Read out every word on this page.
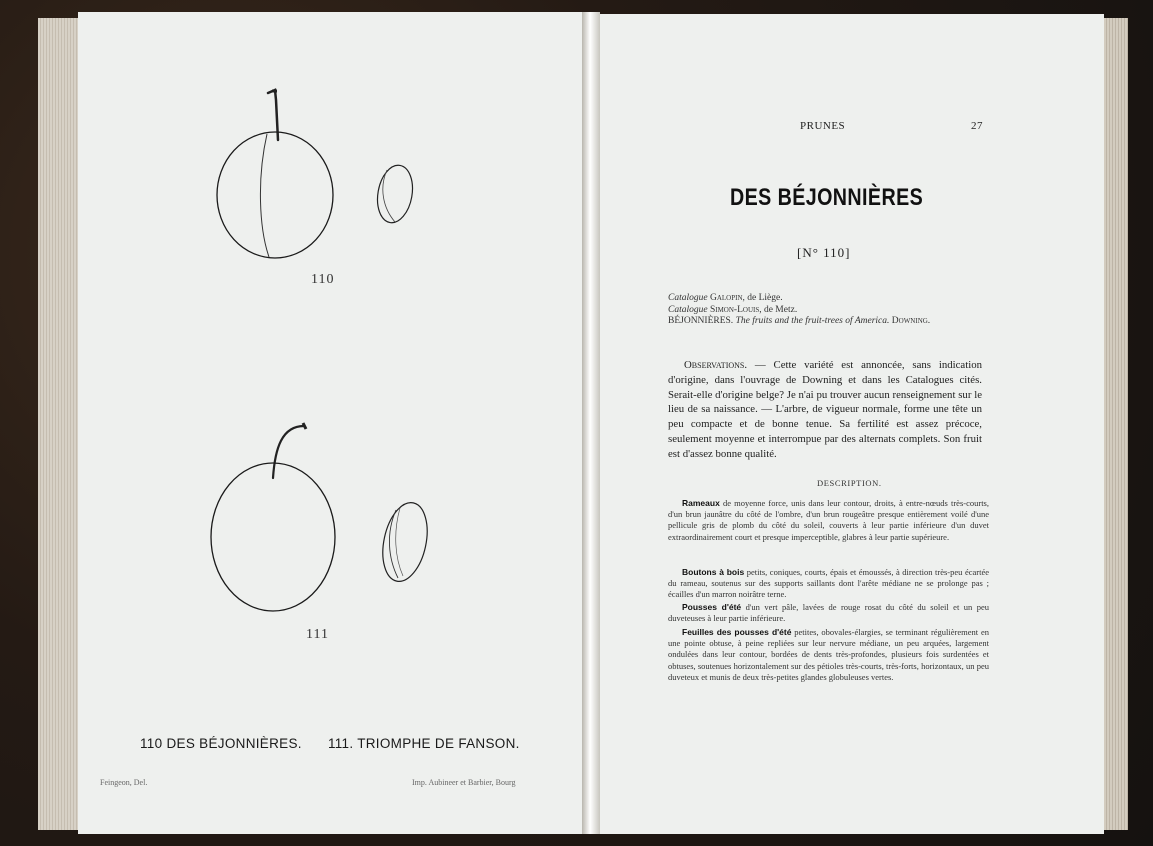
110
111
110 DES BÉJONNIÈRES. 111. TRIOMPHE DE FANSON.
Feingeon, Del.	Imp. Aubineer et Barbier, Bourg
PRUNES	27
DES BÉJONNIÈRES
[N° 110]
Catalogue Galopin, de Liège.
Catalogue Simon-Louis, de Metz.
BÉJONNIÈRES. The fruits and the fruit-trees of America. Downing.
Observations. — Cette variété est annoncée, sans indication d'origine, dans l'ouvrage de Downing et dans les Catalogues cités. Serait-elle d'origine belge? Je n'ai pu trouver aucun renseignement sur le lieu de sa naissance. — L'arbre, de vigueur normale, forme une tête un peu compacte et de bonne tenue. Sa fertilité est assez précoce, seulement moyenne et interrompue par des alternats complets. Son fruit est d'assez bonne qualité.
DESCRIPTION.
Rameaux de moyenne force, unis dans leur contour, droits, à entre-nœuds très-courts, d'un brun jaunâtre du côté de l'ombre, d'un brun rougeâtre presque entièrement voilé d'une pellicule gris de plomb du côté du soleil, couverts à leur partie inférieure d'un duvet extraordinairement court et presque imperceptible, glabres à leur partie supérieure.
Boutons à bois petits, coniques, courts, épais et émoussés, à direction très-peu écartée du rameau, soutenus sur des supports saillants dont l'arête médiane ne se prolonge pas ; écailles d'un marron noirâtre terne.
Pousses d'été d'un vert pâle, lavées de rouge rosat du côté du soleil et un peu duveteuses à leur partie inférieure.
Feuilles des pousses d'été petites, obovales-élargies, se terminant régulièrement en une pointe obtuse, à peine repliées sur leur nervure médiane, un peu arquées, largement ondulées dans leur contour, bordées de dents très-profondes, plusieurs fois surdentées et obtuses, soutenues horizontalement sur des pétioles très-courts, très-forts, horizontaux, un peu duveteux et munis de deux très-petites glandes globuleuses vertes.
